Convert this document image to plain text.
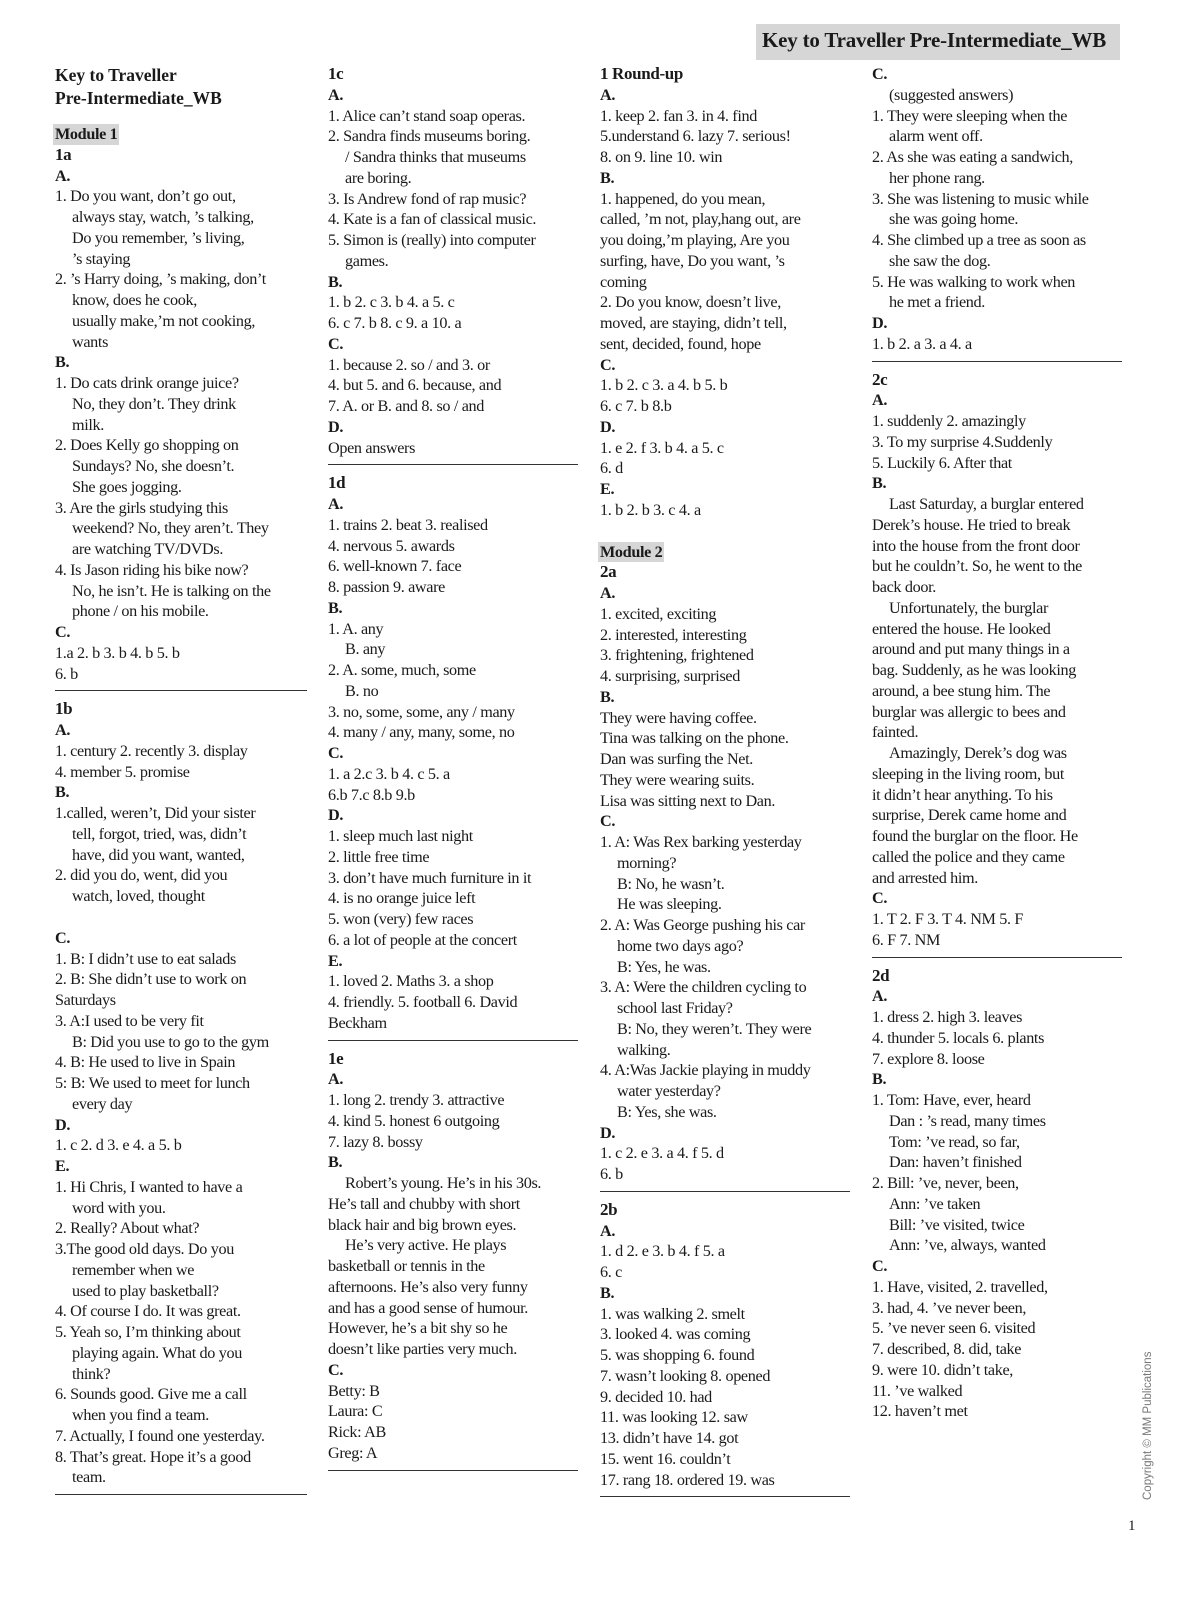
Key to Traveller Pre-Intermediate_WB
Key to Traveller
Pre-Intermediate_WB
Module 1
1a
A.
1. Do you want, don’t go out,
always stay, watch, ’s talking,
Do you remember, ’s living,
’s staying
2. ’s Harry doing, ’s making, don’t
know, does he cook,
usually make,’m not cooking,
wants
B.
1. Do cats drink orange juice?
No, they don’t. They drink
milk.
2. Does Kelly go shopping on
Sundays? No, she doesn’t.
She goes jogging.
3. Are the girls studying this
weekend? No, they aren’t. They
are watching TV/DVDs.
4. Is Jason riding his bike now?
No, he isn’t. He is talking on the
phone / on his mobile.
C.
1.a 2. b 3. b 4. b 5. b
6. b
1b
A.
1. century 2. recently 3. display
4. member 5. promise
B.
1.called, weren’t, Did your sister
tell, forgot, tried, was, didn’t
have, did you want, wanted,
2. did you do, went, did you
watch, loved, thought
C.
1. B: I didn’t use to eat salads
2. B: She didn’t use to work on
Saturdays
3. A:I used to be very fit
B: Did you use to go to the gym
4. B: He used to live in Spain
5: B: We used to meet for lunch
every day
D.
1. c 2. d 3. e 4. a 5. b
E.
1. Hi Chris, I wanted to have a
word with you.
2. Really? About what?
3.The good old days. Do you
remember when we
used to play basketball?
4. Of course I do. It was great.
5. Yeah so, I’m thinking about
playing again. What do you
think?
6. Sounds good. Give me a call
when you find a team.
7. Actually, I found one yesterday.
8. That’s great. Hope it’s a good
team.
1c
A.
1. Alice can’t stand soap operas.
2. Sandra finds museums boring.
/ Sandra thinks that museums
are boring.
3. Is Andrew fond of rap music?
4. Kate is a fan of classical music.
5. Simon is (really) into computer
games.
B.
1. b 2. c 3. b 4. a 5. c
6. c 7. b 8. c 9. a 10. a
C.
1. because 2. so / and 3. or
4. but 5. and 6. because, and
7. A. or B. and 8. so / and
D.
Open answers
1d
A.
1. trains 2. beat 3. realised
4. nervous 5. awards
6. well-known 7. face
8. passion 9. aware
B.
1. A. any
B. any
2. A. some, much, some
B. no
3. no, some, some, any / many
4. many / any, many, some, no
C.
1. a 2.c 3. b 4. c 5. a
6.b 7.c 8.b 9.b
D.
1. sleep much last night
2. little free time
3. don’t have much furniture in it
4. is no orange juice left
5. won (very) few races
6. a lot of people at the concert
E.
1. loved 2. Maths 3. a shop
4. friendly. 5. football 6. David
Beckham
1e
A.
1. long 2. trendy 3. attractive
4. kind 5. honest 6 outgoing
7. lazy 8. bossy
B.
Robert’s young. He’s in his 30s.
He’s tall and chubby with short
black hair and big brown eyes.
He’s very active. He plays
basketball or tennis in the
afternoons. He’s also very funny
and has a good sense of humour.
However, he’s a bit shy so he
doesn’t like parties very much.
C.
Betty: B
Laura: C
Rick: AB
Greg: A
1 Round-up
A.
1. keep 2. fan 3. in 4. find
5.understand 6. lazy 7. serious!
8. on 9. line 10. win
B.
1. happened, do you mean,
called, ’m not, play,hang out, are
you doing,’m playing, Are you
surfing, have, Do you want, ’s
coming
2. Do you know, doesn’t live,
moved, are staying, didn’t tell,
sent, decided, found, hope
C.
1. b 2. c 3. a 4. b 5. b
6. c 7. b 8.b
D.
1. e 2. f 3. b 4. a 5. c
6. d
E.
1. b 2. b 3. c 4. a
Module 2
2a
A.
1. excited, exciting
2. interested, interesting
3. frightening, frightened
4. surprising, surprised
B.
They were having coffee.
Tina was talking on the phone.
Dan was surfing the Net.
They were wearing suits.
Lisa was sitting next to Dan.
C.
1. A: Was Rex barking yesterday
morning?
B: No, he wasn’t.
He was sleeping.
2. A: Was George pushing his car
home two days ago?
B: Yes, he was.
3. A: Were the children cycling to
school last Friday?
B: No, they weren’t. They were
walking.
4. A:Was Jackie playing in muddy
water yesterday?
B: Yes, she was.
D.
1. c 2. e 3. a 4. f 5. d
6. b
2b
A.
1. d 2. e 3. b 4. f 5. a
6. c
B.
1. was walking 2. smelt
3. looked 4. was coming
5. was shopping 6. found
7. wasn’t looking 8. opened
9. decided 10. had
11. was looking 12. saw
13. didn’t have 14. got
15. went 16. couldn’t
17. rang 18. ordered 19. was
C.
(suggested answers)
1. They were sleeping when the
alarm went off.
2. As she was eating a sandwich,
her phone rang.
3. She was listening to music while
she was going home.
4. She climbed up a tree as soon as
she saw the dog.
5. He was walking to work when
he met a friend.
D.
1. b 2. a 3. a 4. a
2c
A.
1. suddenly 2. amazingly
3. To my surprise 4.Suddenly
5. Luckily 6. After that
B.
Last Saturday, a burglar entered
Derek’s house. He tried to break
into the house from the front door
but he couldn’t. So, he went to the
back door.
Unfortunately, the burglar
entered the house. He looked
around and put many things in a
bag. Suddenly, as he was looking
around, a bee stung him. The
burglar was allergic to bees and
fainted.
Amazingly, Derek’s dog was
sleeping in the living room, but
it didn’t hear anything. To his
surprise, Derek came home and
found the burglar on the floor. He
called the police and they came
and arrested him.
C.
1. T 2. F 3. T 4. NM 5. F
6. F 7. NM
2d
A.
1. dress 2. high 3. leaves
4. thunder 5. locals 6. plants
7. explore 8. loose
B.
1. Tom: Have, ever, heard
Dan : ’s read, many times
Tom: ’ve read, so far,
Dan: haven’t finished
2. Bill: ’ve, never, been,
Ann: ’ve taken
Bill: ’ve visited, twice
Ann: ’ve, always, wanted
C.
1. Have, visited, 2. travelled,
3. had, 4. ’ve never been,
5. ’ve never seen 6. visited
7. described, 8. did, take
9. were 10. didn’t take,
11. ’ve walked
12. haven’t met	Copyright © MM Publications
1
